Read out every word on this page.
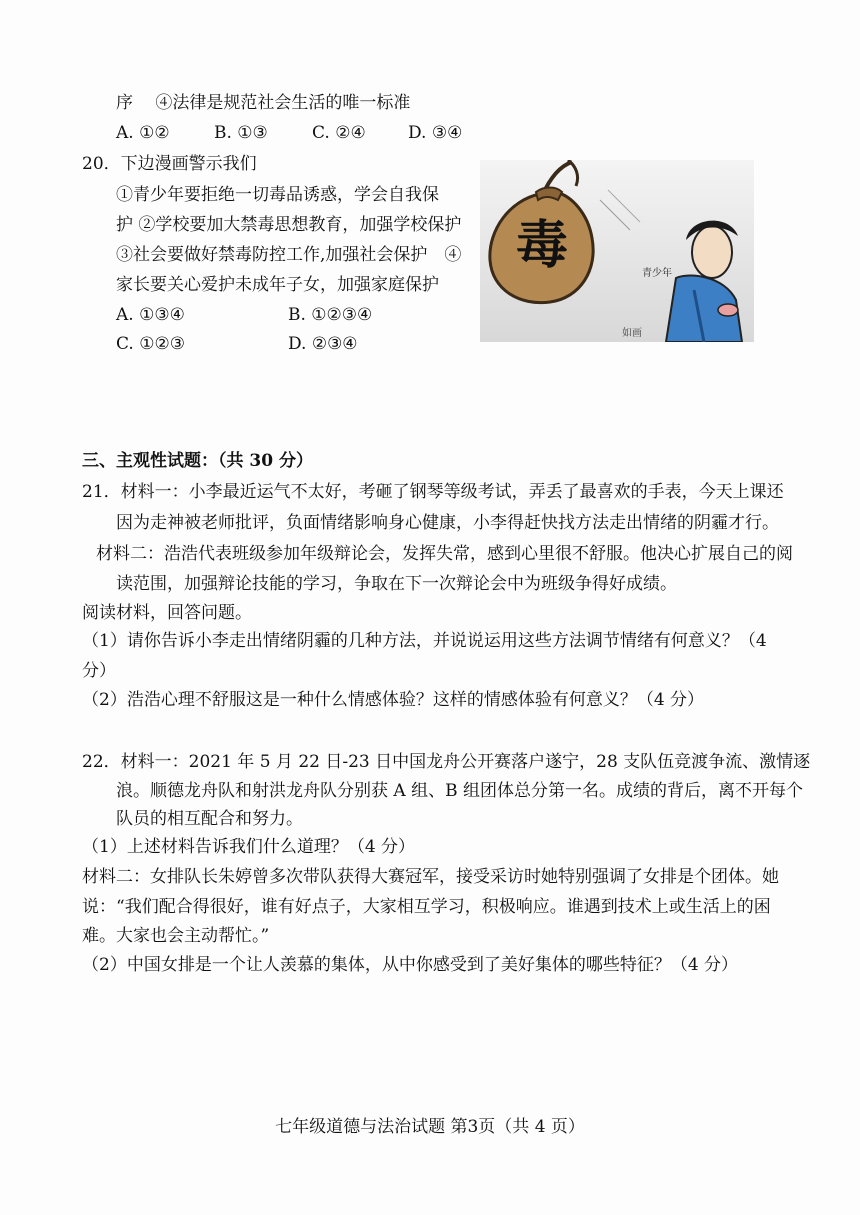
序　 ④法律是规范社会生活的唯一标准
A. ①②	B. ①③	C. ②④ D. ③④
20．下边漫画警示我们
①青少年要拒绝一切毒品诱惑，学会自我保
护 ②学校要加大禁毒思想教育，加强学校保护
③社会要做好禁毒防控工作,加强社会保护　④
家长要关心爱护未成年子女，加强家庭保护
A. ①③④	B. ①②③④
C. ①②③	D. ②③④
毒	青少年
如画
三、主观性试题：（共 30 分）
21．材料一：小李最近运气不太好，考砸了钢琴等级考试，弄丢了最喜欢的手表，今天上课还
因为走神被老师批评，负面情绪影响身心健康，小李得赶快找方法走出情绪的阴霾才行。
材料二：浩浩代表班级参加年级辩论会，发挥失常，感到心里很不舒服。他决心扩展自己的阅
读范围，加强辩论技能的学习，争取在下一次辩论会中为班级争得好成绩。
阅读材料，回答问题。
（1）请你告诉小李走出情绪阴霾的几种方法，并说说运用这些方法调节情绪有何意义？（4
分）
（2）浩浩心理不舒服这是一种什么情感体验？这样的情感体验有何意义？（4 分）
22．材料一：2021 年 5 月 22 日-23 日中国龙舟公开赛落户遂宁，28 支队伍竞渡争流、激情逐
浪。顺德龙舟队和射洪龙舟队分别获 A 组、B 组团体总分第一名。成绩的背后，离不开每个
队员的相互配合和努力。
（1）上述材料告诉我们什么道理？（4 分）
材料二：女排队长朱婷曾多次带队获得大赛冠军，接受采访时她特别强调了女排是个团体。她
说：“我们配合得很好，谁有好点子，大家相互学习，积极响应。谁遇到技术上或生活上的困
难。大家也会主动帮忙。”
（2）中国女排是一个让人羡慕的集体，从中你感受到了美好集体的哪些特征？（4 分）
七年级道德与法治试题 第3页（共 4 页）
